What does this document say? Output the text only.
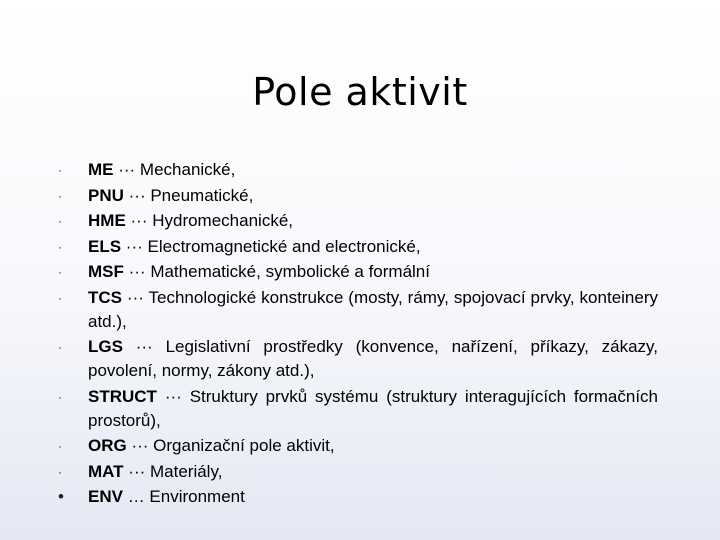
Pole aktivit
·	ME ··· Mechanické,
·	PNU ··· Pneumatické,
·	HME ··· Hydromechanické,
·	ELS ··· Electromagnetické and electronické,
·	MSF ··· Mathematické, symbolické a formální
·	TCS ··· Technologické konstrukce (mosty, rámy, spojovací prvky, konteinery atd.),
·	LGS ··· Legislativní prostředky (konvence, nařízení, příkazy, zákazy, povolení, normy, zákony atd.),
·	STRUCT ··· Struktury prvků systému (struktury interagujících formačních prostorů),
·	ORG ··· Organizační pole aktivit,
·	MAT ··· Materiály,
•	ENV … Environment
